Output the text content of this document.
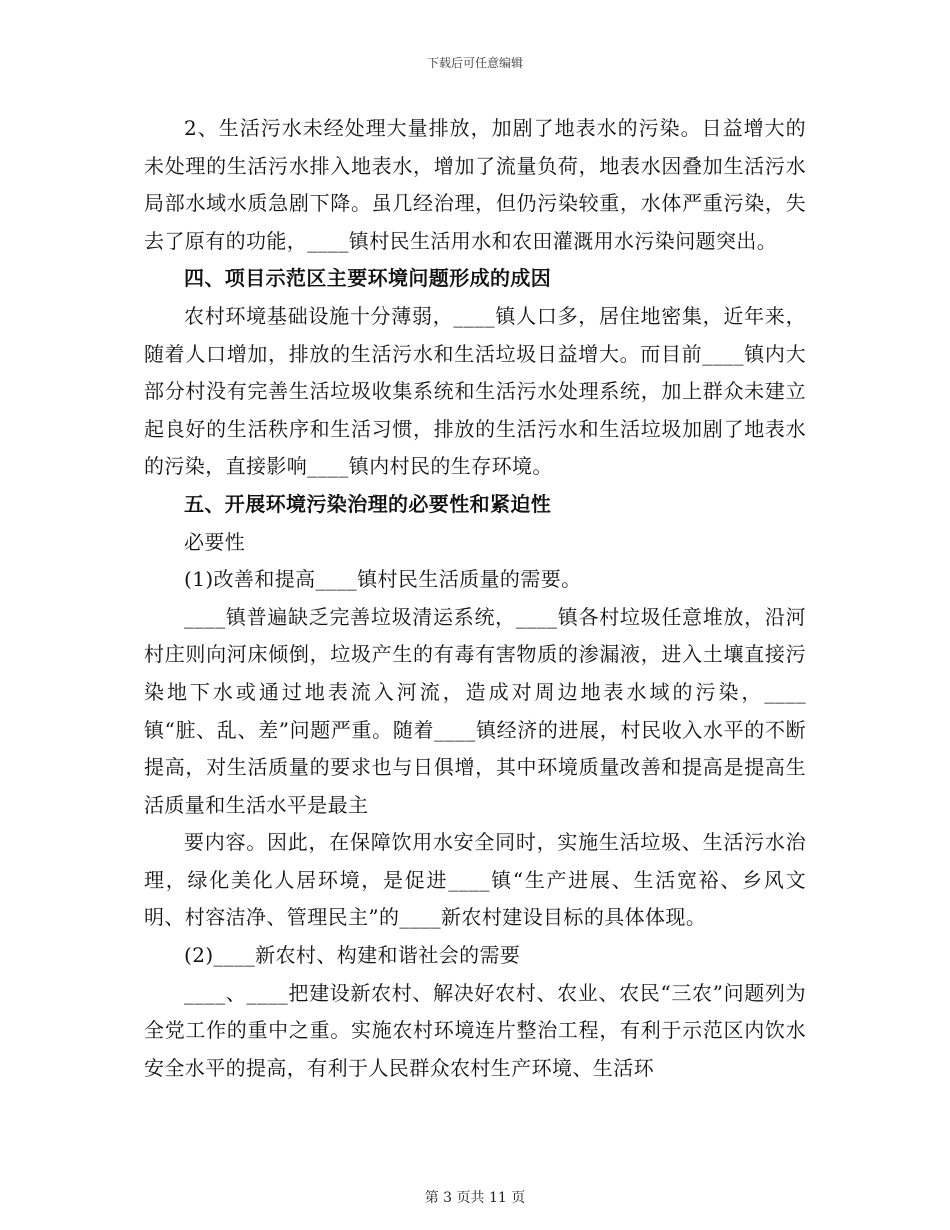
下载后可任意编辑

2、生活污水未经处理大量排放，加剧了地表水的污染。日益增大的未处理的生活污水排入地表水，增加了流量负荷，地表水因叠加生活污水局部水域水质急剧下降。虽几经治理，但仍污染较重，水体严重污染，失去了原有的功能，____镇村民生活用水和农田灌溉用水污染问题突出。

四、项目示范区主要环境问题形成的成因

农村环境基础设施十分薄弱，____镇人口多，居住地密集，近年来，随着人口增加，排放的生活污水和生活垃圾日益增大。而目前____镇内大部分村没有完善生活垃圾收集系统和生活污水处理系统，加上群众未建立起良好的生活秩序和生活习惯，排放的生活污水和生活垃圾加剧了地表水的污染，直接影响____镇内村民的生存环境。

五、开展环境污染治理的必要性和紧迫性

必要性

(1)改善和提高____镇村民生活质量的需要。

____镇普遍缺乏完善垃圾清运系统，____镇各村垃圾任意堆放，沿河村庄则向河床倾倒，垃圾产生的有毒有害物质的渗漏液，进入土壤直接污染地下水或通过地表流入河流，造成对周边地表水域的污染，____镇“脏、乱、差”问题严重。随着____镇经济的进展，村民收入水平的不断提高，对生活质量的要求也与日俱增，其中环境质量改善和提高是提高生活质量和生活水平是最主

要内容。因此，在保障饮用水安全同时，实施生活垃圾、生活污水治理，绿化美化人居环境，是促进____镇“生产进展、生活宽裕、乡风文明、村容洁净、管理民主”的____新农村建设目标的具体体现。

(2)____新农村、构建和谐社会的需要

____、____把建设新农村、解决好农村、农业、农民“三农”问题列为全党工作的重中之重。实施农村环境连片整治工程，有利于示范区内饮水安全水平的提高，有利于人民群众农村生产环境、生活环

第 3 页共 11 页
